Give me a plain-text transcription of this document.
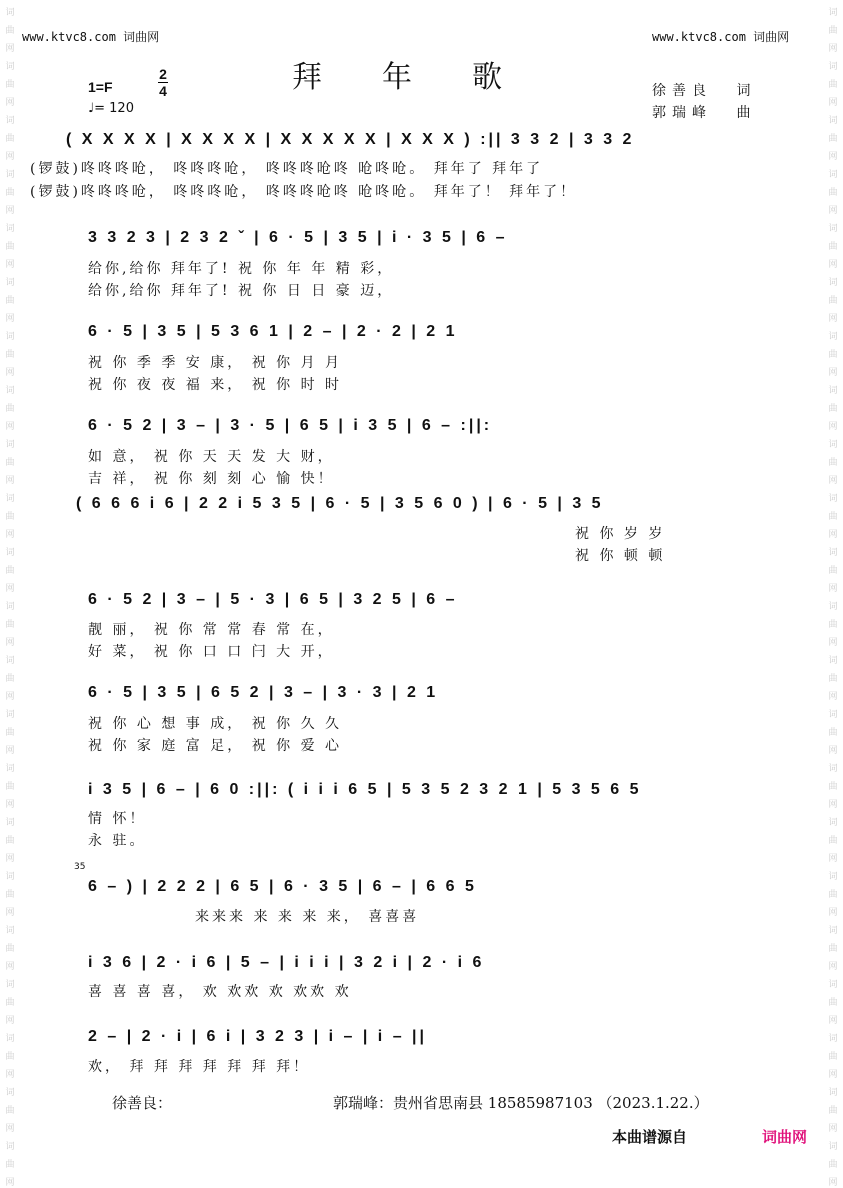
词
曲
网
词
曲
网
词
曲
网
词
曲
网
词
曲
网
词
曲
网
词
曲
网
词
曲
网
词
曲
网
词
曲
网
词
曲
网
词
曲
网
词
曲
网
词
曲
网
词
曲
网
词
曲
网
词
曲
网
词
曲
网
词
曲
网
词
曲
网
词
曲
网
词
曲
网
词
曲
网
词
曲
网
词
曲
网
词
曲
网
词
曲
网
词
曲
网
词
曲
网
词
曲
网
词
曲
网
词
曲
网
词
曲
网
词
曲
网
词
曲
网
词
曲
网
词
曲
网
词
曲
网
词
曲
网
词
曲
网
词
曲
网
词
曲
网
词
曲
网
词
曲
网
www.ktvc8.com 词曲网	www.ktvc8.com 词曲网
拜年歌
1=F
2
4
♩= 120
徐善良 词
郭瑞峰 曲
( X X X X | X X X X | X X X X X | X X X ) :|| 3 3 2 | 3 3 2
(锣鼓)咚咚咚呛， 咚咚咚呛， 咚咚咚呛咚 呛咚呛。 拜年了 拜年了
(锣鼓)咚咚咚呛， 咚咚咚呛， 咚咚咚呛咚 呛咚呛。 拜年了！ 拜年了！
3 3 2 3 | 2 3 2 ˇ | 6 · 5 | 3 5 | i · 3 5 | 6 –
给你,给你 拜年了! 祝 你 年 年 精 彩，
给你,给你 拜年了! 祝 你 日 日 豪 迈，
6 · 5 | 3 5 | 5 3 6 1 | 2 – | 2 · 2 | 2 1
祝 你 季 季 安 康， 祝 你 月 月
祝 你 夜 夜 福 来， 祝 你 时 时
6 · 5 2 | 3 – | 3 · 5 | 6 5 | i 3 5 | 6 – :||:
如 意， 祝 你 天 天 发 大 财，
吉 祥， 祝 你 刻 刻 心 愉 快！
( 6 6 6 i 6 | 2 2 i 5 3 5 | 6 · 5 | 3 5 6 0 ) | 6 · 5 | 3 5
祝 你 岁 岁
祝 你 顿 顿
6 · 5 2 | 3 – | 5 · 3 | 6 5 | 3 2 5 | 6 –
靓 丽， 祝 你 常 常 春 常 在，
好 菜， 祝 你 口 口 闩 大 开，
6 · 5 | 3 5 | 6 5 2 | 3 – | 3 · 3 | 2 1
祝 你 心 想 事 成， 祝 你 久 久
祝 你 家 庭 富 足， 祝 你 爱 心
i 3 5 | 6 – | 6 0 :||: ( i i i 6 5 | 5 3 5 2 3 2 1 | 5 3 5 6 5
情 怀！
永 驻。
35
6 – ) | 2 2 2 | 6 5 | 6 · 3 5 | 6 – | 6 6 5
来来来 来 来 来 来， 喜喜喜
i 3 6 | 2 · i 6 | 5 – | i i i | 3 2 i | 2 · i 6
喜 喜 喜 喜， 欢 欢欢 欢 欢欢 欢
2 – | 2 · i | 6 i | 3 2 3 | i – | i – ||
欢， 拜 拜 拜 拜 拜 拜 拜！
徐善良：	郭瑞峰：贵州省思南县 18585987103 （2023.1.22.）
本曲谱源自	词曲网
